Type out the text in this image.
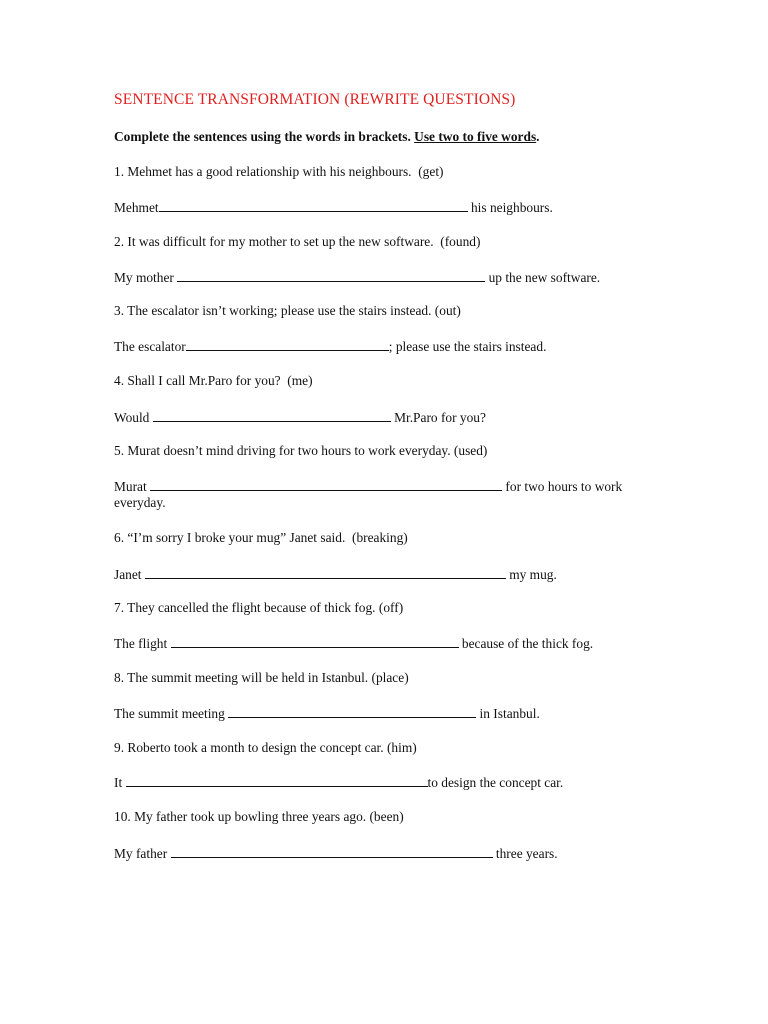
SENTENCE TRANSFORMATION (REWRITE QUESTIONS)
Complete the sentences using the words in brackets. Use two to five words.
1. Mehmet has a good relationship with his neighbours.  (get)
Mehmet	his neighbours.
2. It was difficult for my mother to set up the new software.  (found)
My mother	up the new software.
3. The escalator isn’t working; please use the stairs instead. (out)
The escalator	; please use the stairs instead.
4. Shall I call Mr.Paro for you?  (me)
Would	Mr.Paro for you?
5. Murat doesn’t mind driving for two hours to work everyday. (used)
Murat	for two hours to work
everyday.
6. “I’m sorry I broke your mug” Janet said.  (breaking)
Janet	my mug.
7. They cancelled the flight because of thick fog. (off)
The flight	because of the thick fog.
8. The summit meeting will be held in Istanbul. (place)
The summit meeting	in Istanbul.
9. Roberto took a month to design the concept car. (him)
It	to design the concept car.
10. My father took up bowling three years ago. (been)
My father	three years.
